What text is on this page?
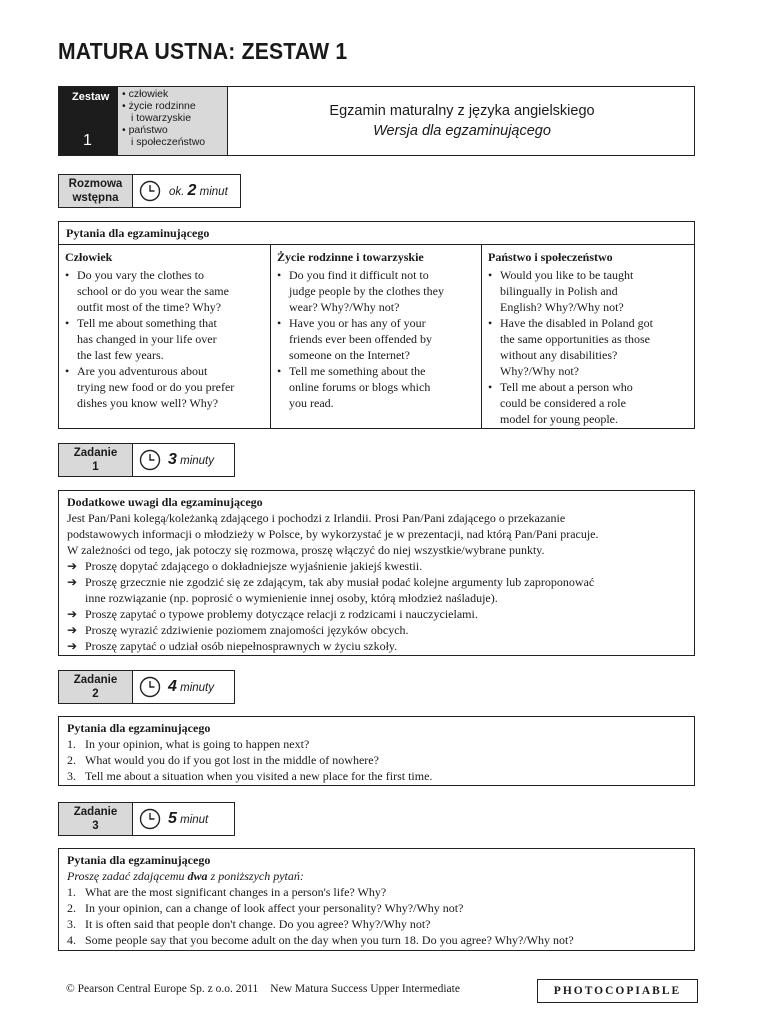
MATURA USTNA: ZESTAW 1
Zestaw
1
• człowiek
• życie rodzinne
i towarzyskie
• państwo
i społeczeństwo
Egzamin maturalny z języka angielskiego
Wersja dla egzaminującego
Rozmowa
wstępna	ok. 2 minut
Pytania dla egzaminującego
Człowiek
• Do you vary the clothes to
school or do you wear the same
outfit most of the time? Why?
• Tell me about something that
has changed in your life over
the last few years.
• Are you adventurous about
trying new food or do you prefer
dishes you know well? Why?
Życie rodzinne i towarzyskie
• Do you find it difficult not to
judge people by the clothes they
wear? Why?/Why not?
• Have you or has any of your
friends ever been offended by
someone on the Internet?
• Tell me something about the
online forums or blogs which
you read.
Państwo i społeczeństwo
• Would you like to be taught
bilingually in Polish and
English? Why?/Why not?
• Have the disabled in Poland got
the same opportunities as those
without any disabilities?
Why?/Why not?
• Tell me about a person who
could be considered a role
model for young people.
Zadanie
1	3 minuty
Dodatkowe uwagi dla egzaminującego
Jest Pan/Pani kolegą/koleżanką zdającego i pochodzi z Irlandii. Prosi Pan/Pani zdającego o przekazanie
podstawowych informacji o młodzieży w Polsce, by wykorzystać je w prezentacji, nad którą Pan/Pani pracuje.
W zależności od tego, jak potoczy się rozmowa, proszę włączyć do niej wszystkie/wybrane punkty.
➔ Proszę dopytać zdającego o dokładniejsze wyjaśnienie jakiejś kwestii.
➔ Proszę grzecznie nie zgodzić się ze zdającym, tak aby musiał podać kolejne argumenty lub zaproponować
inne rozwiązanie (np. poprosić o wymienienie innej osoby, którą młodzież naśladuje).
➔ Proszę zapytać o typowe problemy dotyczące relacji z rodzicami i nauczycielami.
➔ Proszę wyrazić zdziwienie poziomem znajomości języków obcych.
➔ Proszę zapytać o udział osób niepełnosprawnych w życiu szkoły.
Zadanie
2	4 minuty
Pytania dla egzaminującego
1. In your opinion, what is going to happen next?
2. What would you do if you got lost in the middle of nowhere?
3. Tell me about a situation when you visited a new place for the first time.
Zadanie
3	5 minut
Pytania dla egzaminującego
Proszę zadać zdającemu dwa z poniższych pytań:
1. What are the most significant changes in a person's life? Why?
2. In your opinion, can a change of look affect your personality? Why?/Why not?
3. It is often said that people don't change. Do you agree? Why?/Why not?
4. Some people say that you become adult on the day when you turn 18. Do you agree? Why?/Why not?
© Pearson Central Europe Sp. z o.o. 2011 New Matura Success Upper Intermediate	PHOTOCOPIABLE
